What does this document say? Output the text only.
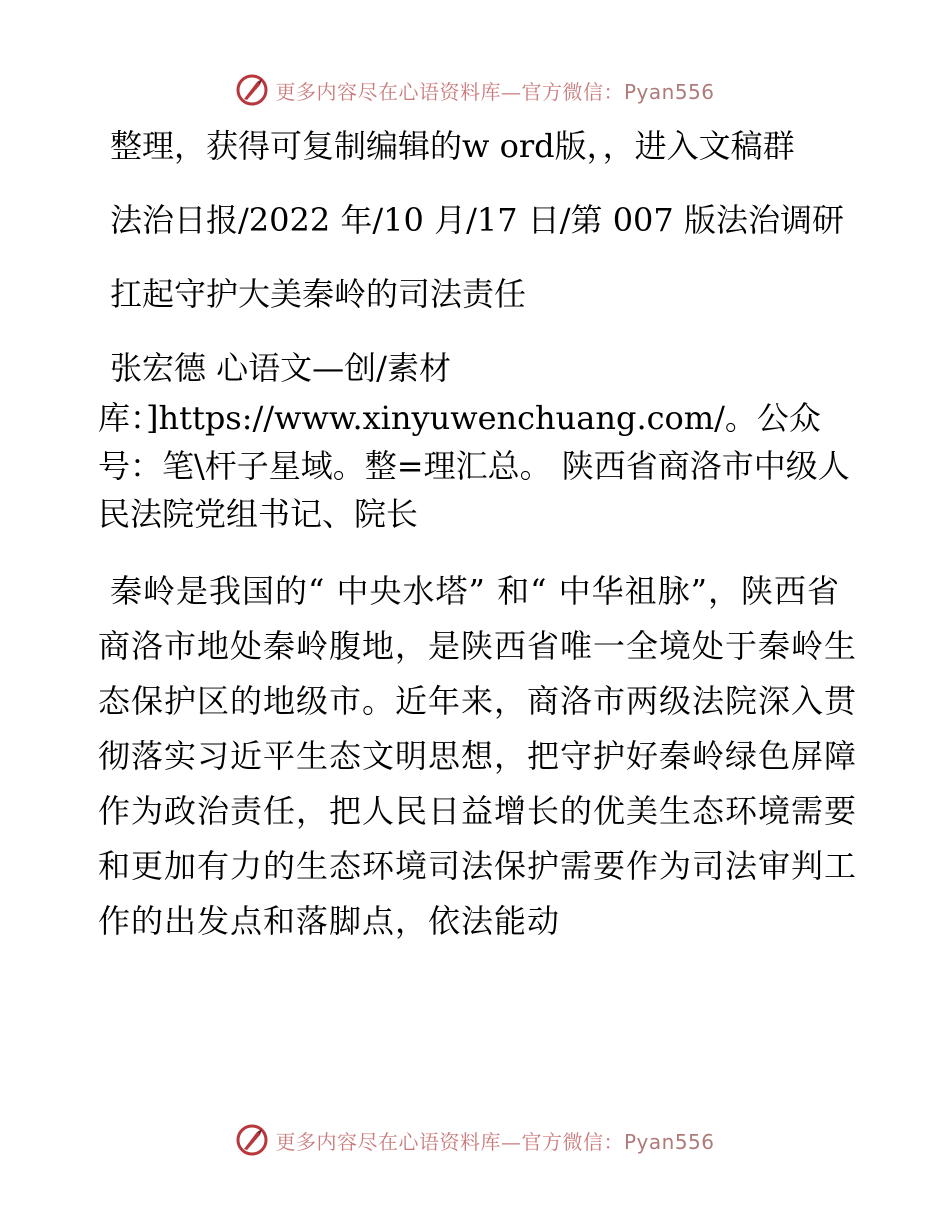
更多内容尽在心语资料库—官方微信：Pyan556

整理，获得可复制编辑的w ord版，，进入文稿群

法治日报/2022 年/10 月/17 日/第 007 版法治调研

扛起守护大美秦岭的司法责任

张宏德 心语文—创/素材

库：]https://www.xinyuwenchuang.com/。公众号：笔\杆子星域。整=理汇总。 陕西省商洛市中级人民法院党组书记、院长

秦岭是我国的“ 中央水塔” 和“ 中华祖脉”，陕西省商洛市地处秦岭腹地，是陕西省唯一全境处于秦岭生态保护区的地级市。近年来，商洛市两级法院深入贯彻落实习近平生态文明思想，把守护好秦岭绿色屏障作为政治责任，把人民日益增长的优美生态环境需要和更加有力的生态环境司法保护需要作为司法审判工作的出发点和落脚点，依法能动

更多内容尽在心语资料库—官方微信：Pyan556
